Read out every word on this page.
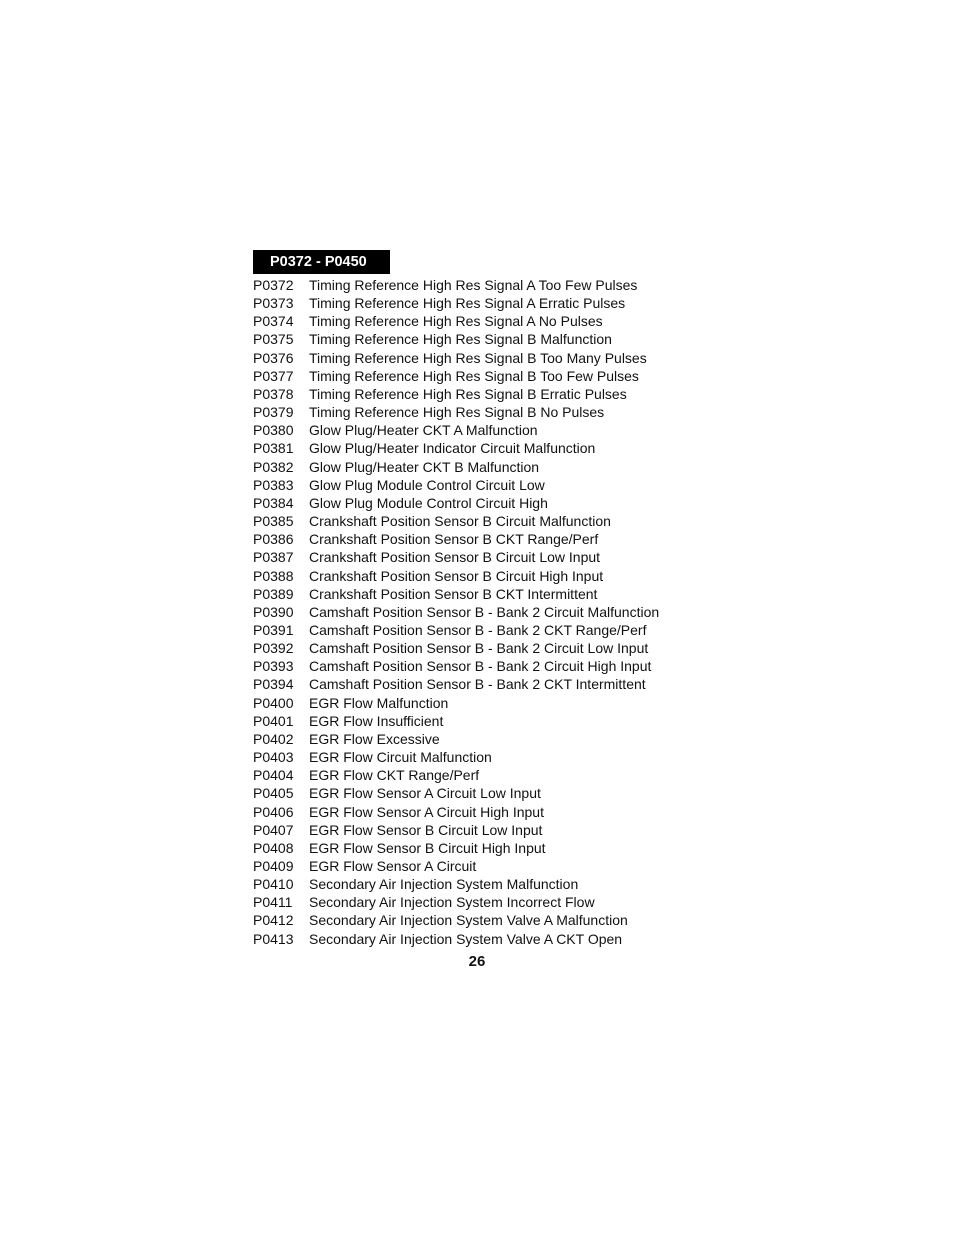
P0372 - P0450
P0372	Timing Reference High Res Signal A Too Few Pulses
P0373	Timing Reference High Res Signal A Erratic Pulses
P0374	Timing Reference High Res Signal A No Pulses
P0375	Timing Reference High Res Signal B Malfunction
P0376	Timing Reference High Res Signal B Too Many Pulses
P0377	Timing Reference High Res Signal B Too Few Pulses
P0378	Timing Reference High Res Signal B Erratic Pulses
P0379	Timing Reference High Res Signal B No Pulses
P0380	Glow Plug/Heater CKT A Malfunction
P0381	Glow Plug/Heater Indicator Circuit Malfunction
P0382	Glow Plug/Heater CKT B Malfunction
P0383	Glow Plug Module Control Circuit Low
P0384	Glow Plug Module Control Circuit High
P0385	Crankshaft Position Sensor B Circuit Malfunction
P0386	Crankshaft Position Sensor B CKT Range/Perf
P0387	Crankshaft Position Sensor B Circuit Low Input
P0388	Crankshaft Position Sensor B Circuit High Input
P0389	Crankshaft Position Sensor B CKT Intermittent
P0390	Camshaft Position Sensor B - Bank 2 Circuit Malfunction
P0391	Camshaft Position Sensor B - Bank 2 CKT Range/Perf
P0392	Camshaft Position Sensor B - Bank 2 Circuit Low Input
P0393	Camshaft Position Sensor B - Bank 2 Circuit High Input
P0394	Camshaft Position Sensor B - Bank 2 CKT Intermittent
P0400	EGR Flow Malfunction
P0401	EGR Flow Insufficient
P0402	EGR Flow Excessive
P0403	EGR Flow Circuit Malfunction
P0404	EGR Flow CKT Range/Perf
P0405	EGR Flow Sensor A Circuit Low Input
P0406	EGR Flow Sensor A Circuit High Input
P0407	EGR Flow Sensor B Circuit Low Input
P0408	EGR Flow Sensor B Circuit High Input
P0409	EGR Flow Sensor A Circuit
P0410	Secondary Air Injection System Malfunction
P0411	Secondary Air Injection System Incorrect Flow
P0412	Secondary Air Injection System Valve A Malfunction
P0413	Secondary Air Injection System Valve A CKT Open
26
